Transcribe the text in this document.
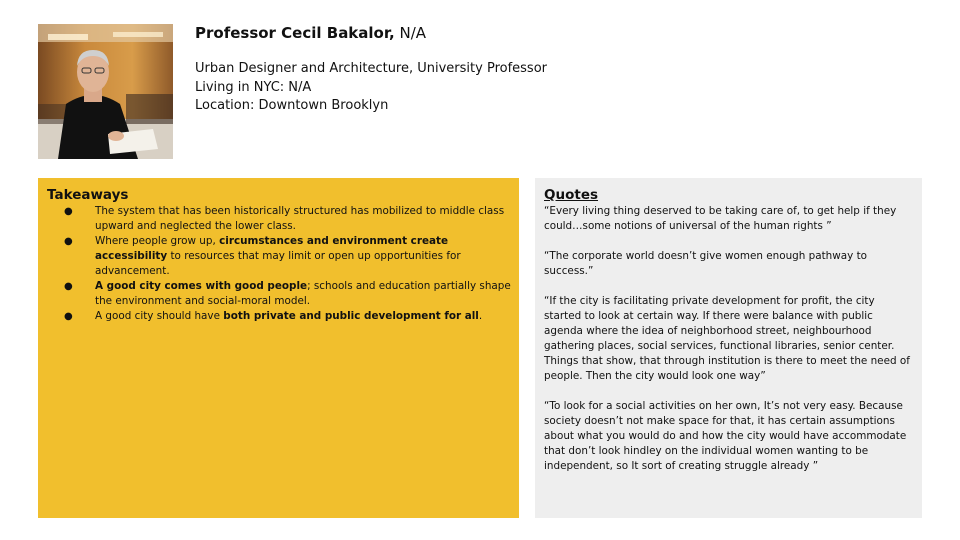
Professor Cecil Bakalor, N/A
Urban Designer and Architecture, University Professor
Living in NYC: N/A
Location: Downtown Brooklyn
Takeaways
● The system that has been historically structured has mobilized to middle class upward and neglected the lower class.
● Where people grow up, circumstances and environment create accessibility to resources that may limit or open up opportunities for advancement.
● A good city comes with good people; schools and education partially shape the environment and social-moral model.
● A good city should have both private and public development for all.
Quotes
“Every living thing deserved to be taking care of, to get help if they could…some notions of universal of the human rights ”
“The corporate world doesn’t give women enough pathway to success.”
“If the city is facilitating private development for profit, the city started to look at certain way. If there were balance with public agenda where the idea of neighborhood street, neighbourhood gathering places, social services, functional libraries, senior center. Things that show, that through institution is there to meet the need of people. Then the city would look one way”
“To look for a social activities on her own, It’s not very easy. Because society doesn’t not make space for that, it has certain assumptions about what you would do and how the city would have accommodate that don’t look hindley on the individual women wanting to be independent, so It sort of creating struggle already ”
